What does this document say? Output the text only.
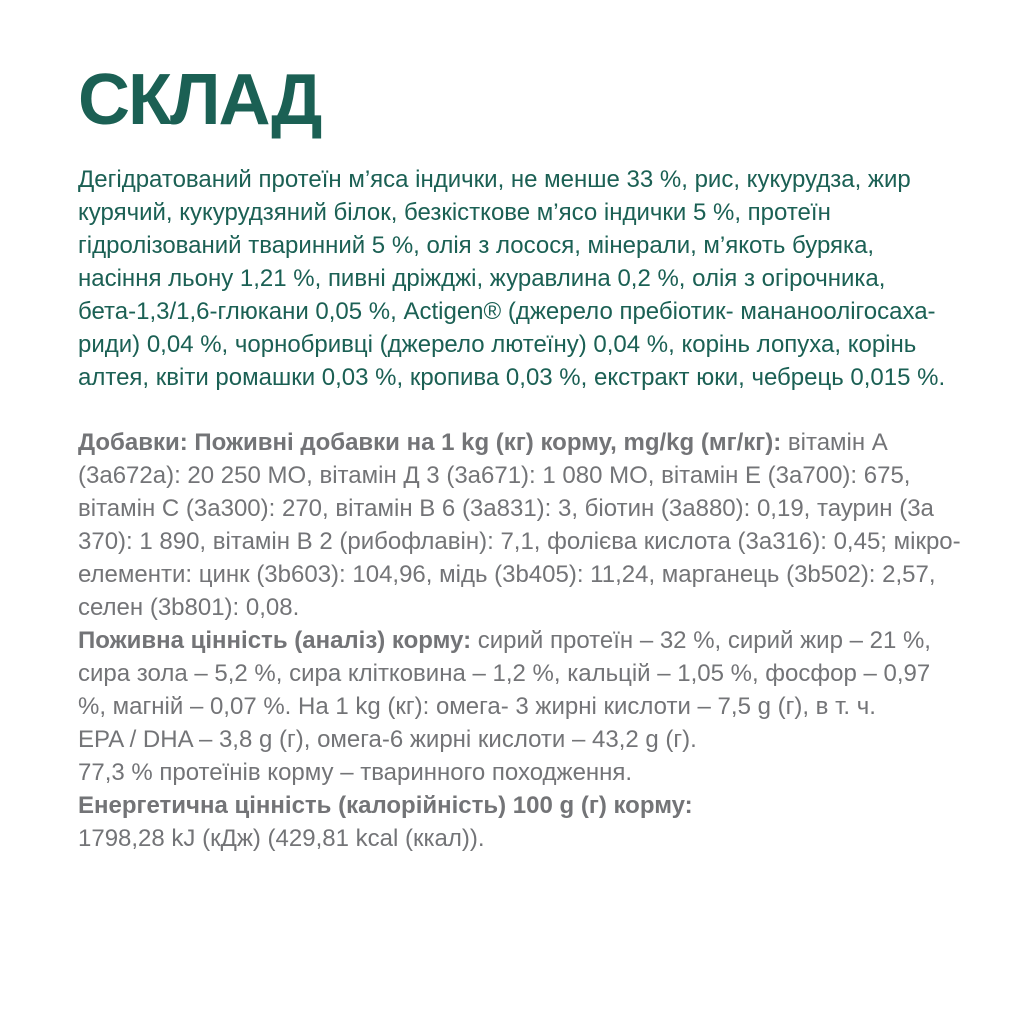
СКЛАД
Дегідратований протеїн м’яса індички, не менше 33 %, рис, кукурудза, жир
курячий, кукурудзяний білок, безкісткове м’ясо індички 5 %, протеїн
гідролізований тваринний 5 %, олія з лосося, мінерали, м’якоть буряка,
насіння льону 1,21 %, пивні дріжджі, журавлина 0,2 %, олія з огірочника,
бета-1,3/1,6-глюкани 0,05 %, Actigen® (джерело пребіотик- мананоолігосаха-
риди) 0,04 %, чорнобривці (джерело лютеїну) 0,04 %, корінь лопуха, корінь
алтея, квіти ромашки 0,03 %, кропива 0,03 %, екстракт юки, чебрець 0,015 %.
Добавки: Поживні добавки на 1 kg (кг) корму, mg/kg (мг/кг): вітамін А
(3a672a): 20 250 МО, вітамін Д 3 (3a671): 1 080 МО, вітамін Е (3a700): 675,
вітамін С (3a300): 270, вітамін В 6 (3a831): 3, біотин (3a880): 0,19, таурин (3a
370): 1 890, вітамін В 2 (рибофлавін): 7,1, фолієва кислота (3a316): 0,45; мікро-
елементи: цинк (3b603): 104,96, мідь (3b405): 11,24, марганець (3b502): 2,57,
селен (3b801): 0,08.
Поживна цінність (аналіз) корму: сирий протеїн – 32 %, сирий жир – 21 %,
сира зола – 5,2 %, сира клітковина – 1,2 %, кальцій – 1,05 %, фосфор – 0,97
%, магній – 0,07 %. На 1 kg (кг): омега- 3 жирні кислоти – 7,5 g (г), в т. ч.
EPA / DHA – 3,8 g (г), омега-6 жирні кислоти – 43,2 g (г).
77,3 % протеїнів корму – тваринного походження.
Енергетична цінність (калорійність) 100 g (г) корму:
1798,28 kJ (кДж) (429,81 kcal (ккал)).
